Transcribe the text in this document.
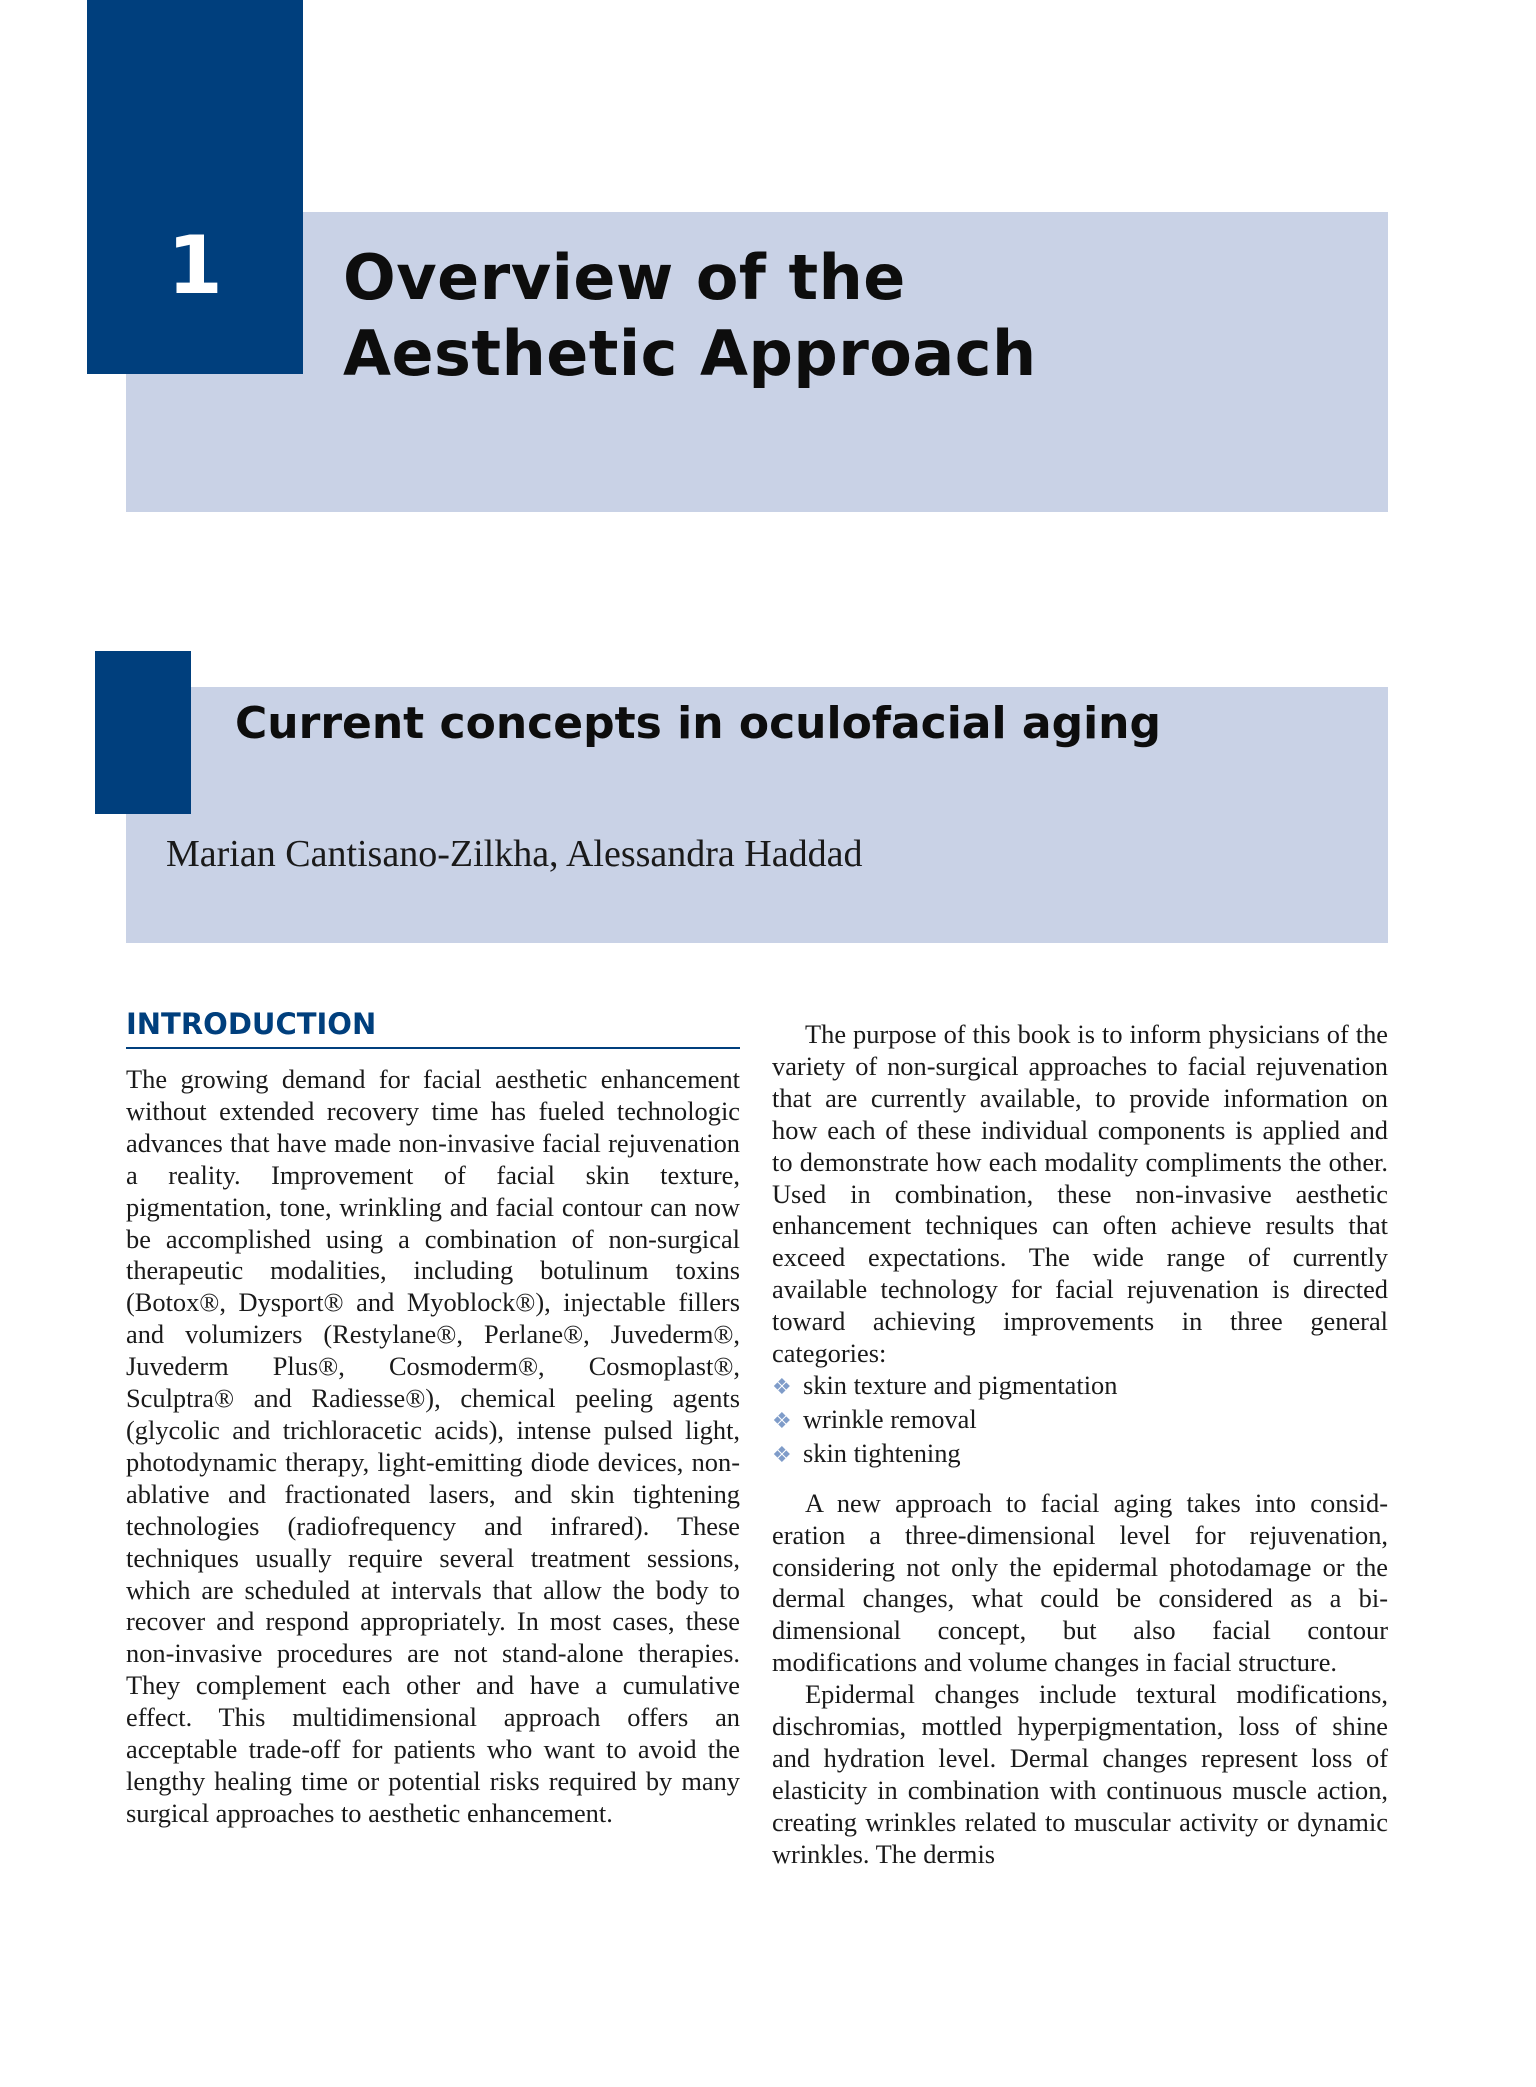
1	Overview of the
Aesthetic Approach
Current concepts in oculofacial aging
Marian Cantisano-Zilkha, Alessandra Haddad
INTRODUCTION

The growing demand for facial aesthetic enhancement without extended recovery time has fueled technologic advances that have made non-invasive facial rejuvenation a reality. Improvement of facial skin texture, pigmentation, tone, wrinkling and facial contour can now be accomplished using a combination of non-surgical therapeutic modalities, including botulinum toxins (Botox®, Dysport® and Myoblock®), injectable fillers and volumizers (Restylane®, Perlane®, Juvederm®, Juvederm Plus®, Cosmoderm®, Cosmoplast®, Sculptra® and Radiesse®), chemical peeling agents (glycolic and trichloracetic acids), intense pulsed light, photodynamic therapy, light-emitting diode devices, non-ablative and fractionated lasers, and skin tightening technologies (radiofrequency and infrared). These techniques usually require several treatment sessions, which are scheduled at intervals that allow the body to recover and respond appropriately. In most cases, these non-invasive procedures are not stand-alone therapies. They complement each other and have a cumulative effect. This multidimensional approach offers an acceptable trade-off for patients who want to avoid the lengthy healing time or potential risks required by many surgical approaches to aesthetic enhancement.

The purpose of this book is to inform physicians of the variety of non-surgical approaches to facial rejuvenation that are currently available, to provide information on how each of these individual components is applied and to demonstrate how each modality compliments the other. Used in combination, these non-invasive aesthetic enhancement techniques can often achieve results that exceed expectations. The wide range of currently available technology for facial rejuvenation is directed toward achieving improvements in three general categories:

❖ skin texture and pigmentation
❖ wrinkle removal
❖ skin tightening

A new approach to facial aging takes into consideration a three-dimensional level for rejuvenation, considering not only the epidermal photodamage or the dermal changes, what could be considered as a bi-dimensional concept, but also facial contour modifications and volume changes in facial structure.

Epidermal changes include textural modifications, dischromias, mottled hyperpigmentation, loss of shine and hydration level. Dermal changes represent loss of elasticity in combination with continuous muscle action, creating wrinkles related to muscular activity or dynamic wrinkles. The dermis
